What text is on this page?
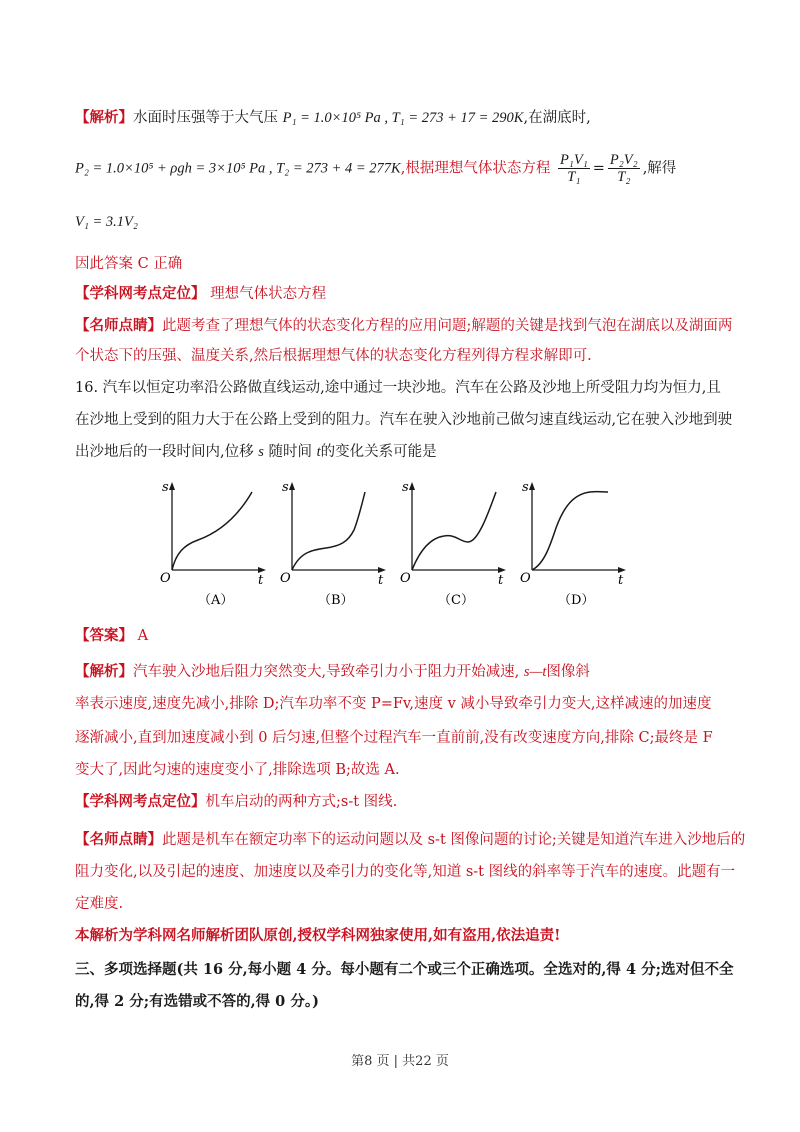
【解析】水面时压强等于大气压 P₁ = 1.0×10⁵ Pa , T₁ = 273 + 17 = 290K,在湖底时,
P₂ = 1.0×10⁵ + ρgh = 3×10⁵ Pa , T₂ = 273 + 4 = 277K,根据理想气体状态方程 $\frac{\text{P₁V₁}}{\text{T₁}} = \frac{\text{P₂V₂}}{\text{T₂}}$ ,解得
V₁ = 3.1V₂
因此答案 C 正确
【学科网考点定位】 理想气体状态方程
【名师点睛】此题考查了理想气体的状态变化方程的应用问题;解题的关键是找到气泡在湖底以及湖面两
个状态下的压强、温度关系,然后根据理想气体的状态变化方程列得方程求解即可.
16. 汽车以恒定功率沿公路做直线运动,途中通过一块沙地。汽车在公路及沙地上所受阻力均为恒力,且
在沙地上受到的阻力大于在公路上受到的阻力。汽车在驶入沙地前己做匀速直线运动,它在驶入沙地到驶
出沙地后的一段时间内,位移 s 随时间 t的变化关系可能是
s
t
O
（A）
s
t
O
（B）
s
t
O
（C）
s
t
O
（D）
【答案】 A
【解析】汽车驶入沙地后阻力突然变大,导致牵引力小于阻力开始减速, s—t图像斜
率表示速度,速度先减小,排除 D;汽车功率不变 P=Fv,速度 v 减小导致牵引力变大,这样减速的加速度
逐渐减小,直到加速度减小到 0 后匀速,但整个过程汽车一直前前,没有改变速度方向,排除 C;最终是 F
变大了,因此匀速的速度变小了,排除选项 B;故选 A.
【学科网考点定位】机车启动的两种方式;s-t 图线.
【名师点睛】此题是机车在额定功率下的运动问题以及 s-t 图像问题的讨论;关键是知道汽车进入沙地后的
阻力变化,以及引起的速度、加速度以及牵引力的变化等,知道 s-t 图线的斜率等于汽车的速度。此题有一
定难度.
本解析为学科网名师解析团队原创,授权学科网独家使用,如有盗用,依法追责!
三、多项选择题(共 16 分,每小题 4 分。每小题有二个或三个正确选项。全选对的,得 4 分;选对但不全
的,得 2 分;有选错或不答的,得 0 分。)
第8 页 | 共22 页
